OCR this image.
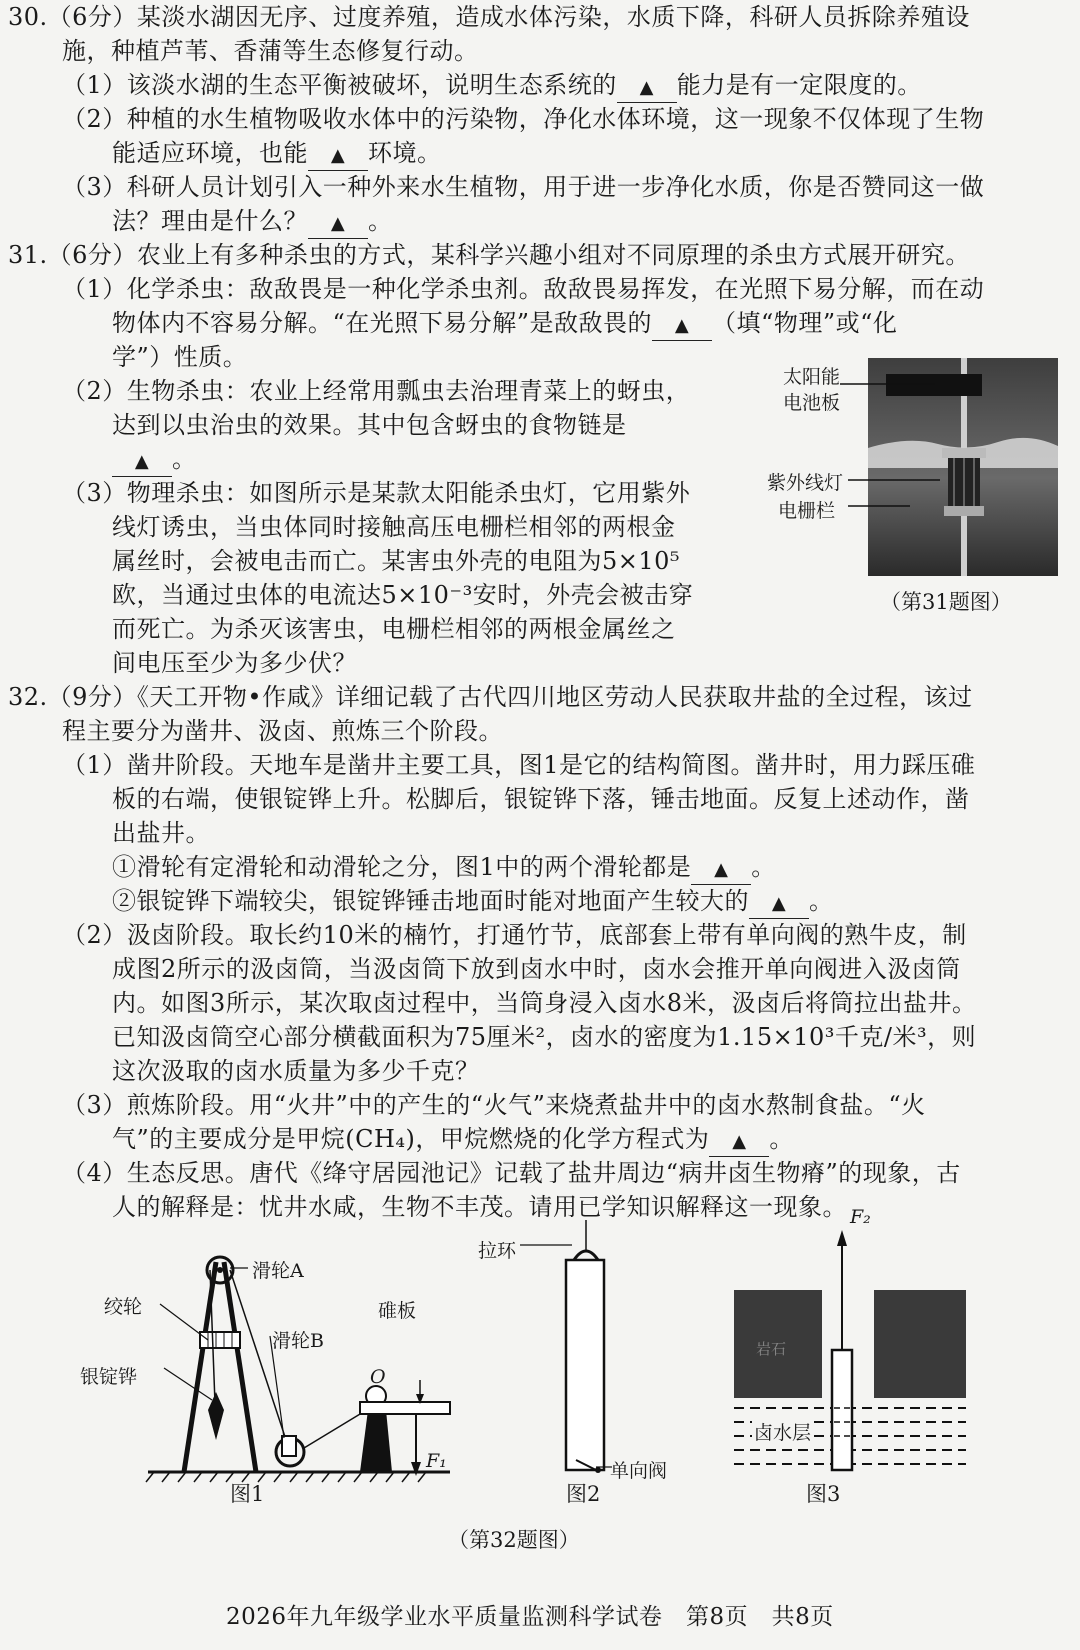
30.（6分）某淡水湖因无序、过度养殖，造成水体污染，水质下降，科研人员拆除养殖设
施，种植芦苇、香蒲等生态修复行动。
（1）该淡水湖的生态平衡被破坏，说明生态系统的 ▲ 能力是有一定限度的。
（2）种植的水生植物吸收水体中的污染物，净化水体环境，这一现象不仅体现了生物
能适应环境，也能 ▲ 环境。
（3）科研人员计划引入一种外来水生植物，用于进一步净化水质，你是否赞同这一做
法？理由是什么？ ▲ 。
31.（6分）农业上有多种杀虫的方式，某科学兴趣小组对不同原理的杀虫方式展开研究。
（1）化学杀虫：敌敌畏是一种化学杀虫剂。敌敌畏易挥发，在光照下易分解，而在动
物体内不容易分解。“在光照下易分解”是敌敌畏的 ▲ （填“物理”或“化
学”）性质。
（2）生物杀虫：农业上经常用瓢虫去治理青菜上的蚜虫，
达到以虫治虫的效果。其中包含蚜虫的食物链是
▲ 。
（3）物理杀虫：如图所示是某款太阳能杀虫灯，它用紫外
线灯诱虫，当虫体同时接触高压电栅栏相邻的两根金
属丝时，会被电击而亡。某害虫外壳的电阻为5×10⁵
欧，当通过虫体的电流达5×10⁻³安时，外壳会被击穿
而死亡。为杀灭该害虫，电栅栏相邻的两根金属丝之
间电压至少为多少伏？
太阳能
电池板
紫外线灯
电栅栏
（第31题图）
32.（9分）《天工开物•作咸》详细记载了古代四川地区劳动人民获取井盐的全过程，该过
程主要分为凿井、汲卤、煎炼三个阶段。
（1）凿井阶段。天地车是凿井主要工具，图1是它的结构简图。凿井时，用力踩压碓
板的右端，使银锭铧上升。松脚后，银锭铧下落，锤击地面。反复上述动作，凿
出盐井。
①滑轮有定滑轮和动滑轮之分，图1中的两个滑轮都是 ▲ 。
②银锭铧下端较尖，银锭铧锤击地面时能对地面产生较大的 ▲ 。
（2）汲卤阶段。取长约10米的楠竹，打通竹节，底部套上带有单向阀的熟牛皮，制
成图2所示的汲卤筒，当汲卤筒下放到卤水中时，卤水会推开单向阀进入汲卤筒
内。如图3所示，某次取卤过程中，当筒身浸入卤水8米，汲卤后将筒拉出盐井。
已知汲卤筒空心部分横截面积为75厘米²，卤水的密度为1.15×10³千克/米³，则
这次汲取的卤水质量为多少千克？
（3）煎炼阶段。用“火井”中的产生的“火气”来烧煮盐井中的卤水熬制食盐。“火
气”的主要成分是甲烷(CH₄)，甲烷燃烧的化学方程式为 ▲ 。
（4）生态反思。唐代《绛守居园池记》记载了盐井周边“病井卤生物瘠”的现象，古
人的解释是：忧井水咸，生物不丰茂。请用已学知识解释这一现象。
滑轮A
绞轮
银锭铧
滑轮B
碓板
O
F₁
图1
拉环
单向阀
图2
F₂
岩石
卤水层
图3
（第32题图）
2026年九年级学业水平质量监测科学试卷　第8页　共8页
